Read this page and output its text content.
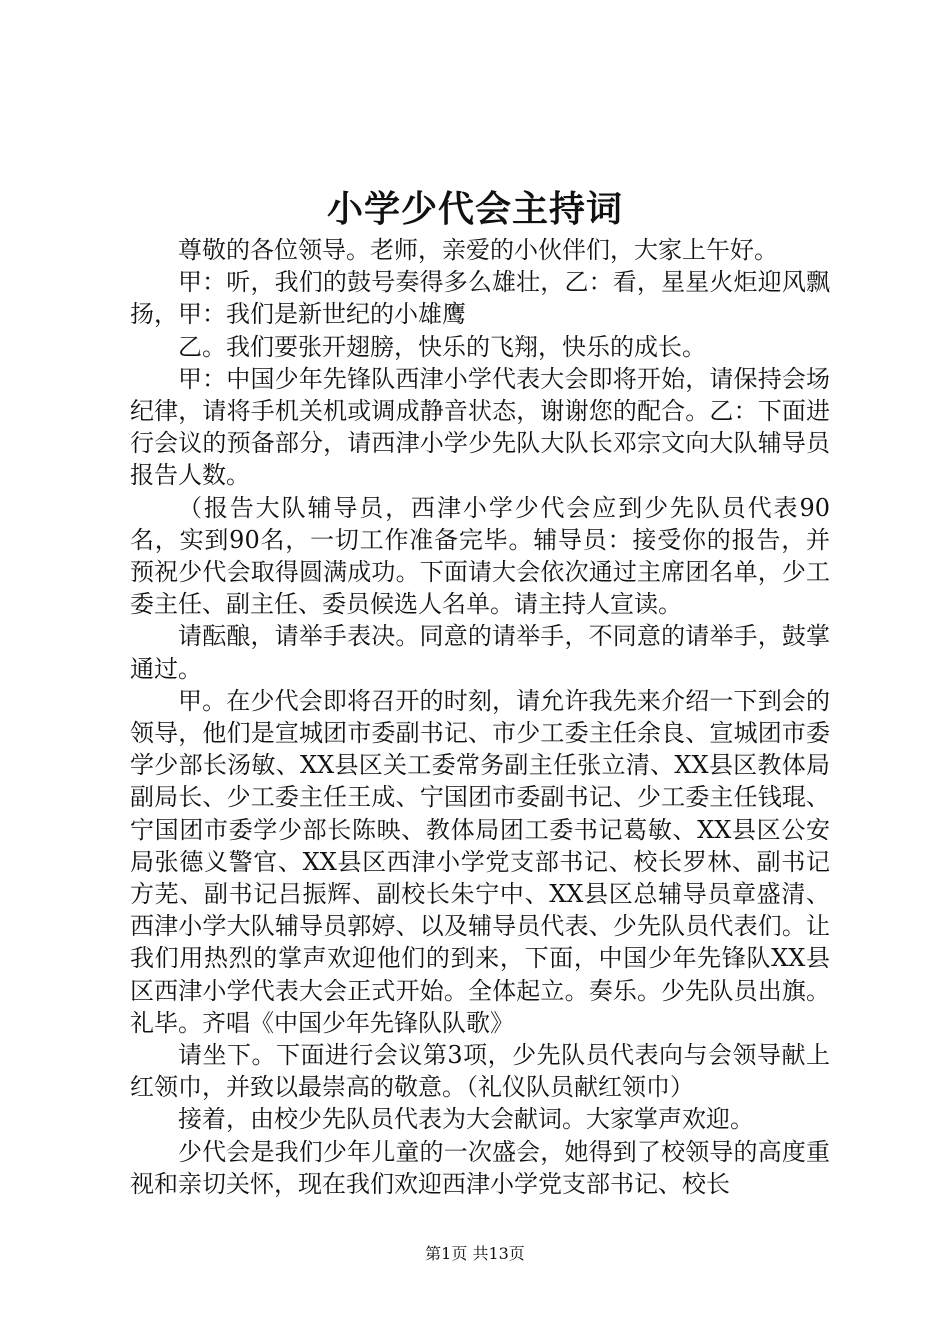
小学少代会主持词

尊敬的各位领导。老师，亲爱的小伙伴们，大家上午好。

甲：听，我们的鼓号奏得多么雄壮，乙：看，星星火炬迎风飘扬，甲：我们是新世纪的小雄鹰

乙。我们要张开翅膀，快乐的飞翔，快乐的成长。

甲：中国少年先锋队西津小学代表大会即将开始，请保持会场纪律，请将手机关机或调成静音状态，谢谢您的配合。乙：下面进行会议的预备部分，请西津小学少先队大队长邓宗文向大队辅导员报告人数。

（报告大队辅导员，西津小学少代会应到少先队员代表90名，实到90名，一切工作准备完毕。辅导员：接受你的报告，并预祝少代会取得圆满成功。下面请大会依次通过主席团名单，少工委主任、副主任、委员候选人名单。请主持人宣读。

请酝酿，请举手表决。同意的请举手，不同意的请举手，鼓掌通过。

甲。在少代会即将召开的时刻，请允许我先来介绍一下到会的领导，他们是宣城团市委副书记、市少工委主任余良、宣城团市委学少部长汤敏、XX县区关工委常务副主任张立清、XX县区教体局副局长、少工委主任王成、宁国团市委副书记、少工委主任钱琨、宁国团市委学少部长陈映、教体局团工委书记葛敏、XX县区公安局张德义警官、XX县区西津小学党支部书记、校长罗林、副书记方芜、副书记吕振辉、副校长朱宁中、XX县区总辅导员章盛清、西津小学大队辅导员郭婷、以及辅导员代表、少先队员代表们。让我们用热烈的掌声欢迎他们的到来，下面，中国少年先锋队XX县区西津小学代表大会正式开始。全体起立。奏乐。少先队员出旗。礼毕。齐唱《中国少年先锋队队歌》

请坐下。下面进行会议第3项，少先队员代表向与会领导献上红领巾，并致以最崇高的敬意。（礼仪队员献红领巾）

接着，由校少先队员代表为大会献词。大家掌声欢迎。

少代会是我们少年儿童的一次盛会，她得到了校领导的高度重视和亲切关怀，现在我们欢迎西津小学党支部书记、校长

第1页 共13页
